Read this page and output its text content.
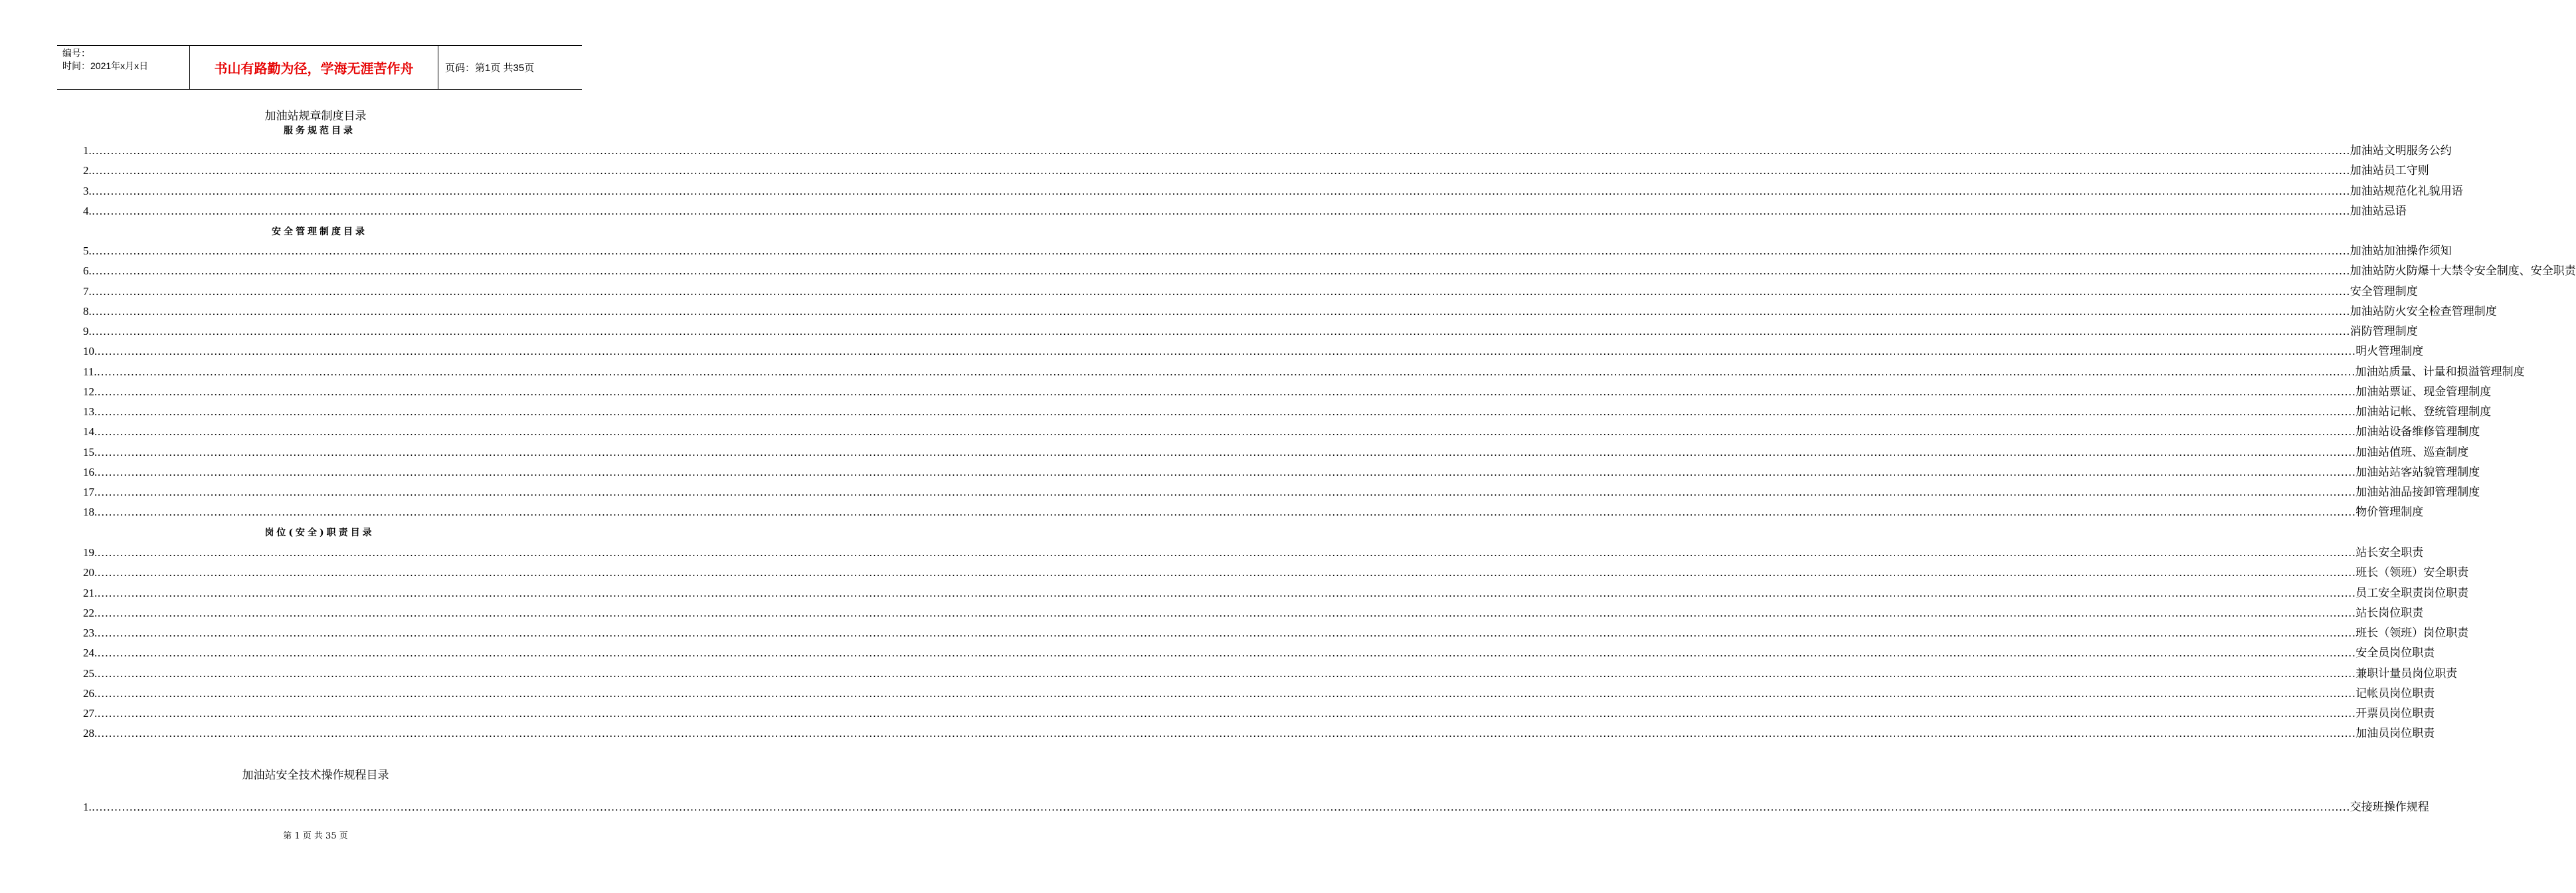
编号：
时间：2021年x月x日	书山有路勤为径，学海无涯苦作舟	页码：第1页 共35页
加油站规章制度目录
服务规范目录
1. …………………………………………………………………………………………………………………………………………………………………………………………………………………………………………………………………………………………………………………………………………………………………………………………………………………………………………………………………………………………………………………………………………………… 加油站文明服务公约
2. …………………………………………………………………………………………………………………………………………………………………………………………………………………………………………………………………………………………………………………………………………………………………………………………………………………………………………………………………………………………………………………………………………………… 加油站员工守则
3. …………………………………………………………………………………………………………………………………………………………………………………………………………………………………………………………………………………………………………………………………………………………………………………………………………………………………………………………………………………………………………………………………………………… 加油站规范化礼貌用语
4. …………………………………………………………………………………………………………………………………………………………………………………………………………………………………………………………………………………………………………………………………………………………………………………………………………………………………………………………………………………………………………………………………………………… 加油站忌语
安全管理制度目录
5. …………………………………………………………………………………………………………………………………………………………………………………………………………………………………………………………………………………………………………………………………………………………………………………………………………………………………………………………………………………………………………………………………………………… 加油站加油操作须知
6. …………………………………………………………………………………………………………………………………………………………………………………………………………………………………………………………………………………………………………………………………………………………………………………………………………………………………………………………………………………………………………………………………………………… 加油站防火防爆十大禁令安全制度、安全职责
7. …………………………………………………………………………………………………………………………………………………………………………………………………………………………………………………………………………………………………………………………………………………………………………………………………………………………………………………………………………………………………………………………………………………… 安全管理制度
8. …………………………………………………………………………………………………………………………………………………………………………………………………………………………………………………………………………………………………………………………………………………………………………………………………………………………………………………………………………………………………………………………………………………… 加油站防火安全检查管理制度
9. …………………………………………………………………………………………………………………………………………………………………………………………………………………………………………………………………………………………………………………………………………………………………………………………………………………………………………………………………………………………………………………………………………………… 消防管理制度
10. …………………………………………………………………………………………………………………………………………………………………………………………………………………………………………………………………………………………………………………………………………………………………………………………………………………………………………………………………………………………………………………………………………………… 明火管理制度
11. …………………………………………………………………………………………………………………………………………………………………………………………………………………………………………………………………………………………………………………………………………………………………………………………………………………………………………………………………………………………………………………………………………………… 加油站质量、计量和损溢管理制度
12. …………………………………………………………………………………………………………………………………………………………………………………………………………………………………………………………………………………………………………………………………………………………………………………………………………………………………………………………………………………………………………………………………………………… 加油站票证、现金管理制度
13. …………………………………………………………………………………………………………………………………………………………………………………………………………………………………………………………………………………………………………………………………………………………………………………………………………………………………………………………………………………………………………………………………………………… 加油站记帐、登统管理制度
14. …………………………………………………………………………………………………………………………………………………………………………………………………………………………………………………………………………………………………………………………………………………………………………………………………………………………………………………………………………………………………………………………………………………… 加油站设备维修管理制度
15. …………………………………………………………………………………………………………………………………………………………………………………………………………………………………………………………………………………………………………………………………………………………………………………………………………………………………………………………………………………………………………………………………………………… 加油站值班、巡查制度
16. …………………………………………………………………………………………………………………………………………………………………………………………………………………………………………………………………………………………………………………………………………………………………………………………………………………………………………………………………………………………………………………………………………………… 加油站站客站貌管理制度
17. …………………………………………………………………………………………………………………………………………………………………………………………………………………………………………………………………………………………………………………………………………………………………………………………………………………………………………………………………………………………………………………………………………………… 加油站油品接卸管理制度
18. …………………………………………………………………………………………………………………………………………………………………………………………………………………………………………………………………………………………………………………………………………………………………………………………………………………………………………………………………………………………………………………………………………………… 物价管理制度
岗位(安全)职责目录
19. …………………………………………………………………………………………………………………………………………………………………………………………………………………………………………………………………………………………………………………………………………………………………………………………………………………………………………………………………………………………………………………………………………………… 站长安全职责
20. …………………………………………………………………………………………………………………………………………………………………………………………………………………………………………………………………………………………………………………………………………………………………………………………………………………………………………………………………………………………………………………………………………………… 班长（领班）安全职责
21. …………………………………………………………………………………………………………………………………………………………………………………………………………………………………………………………………………………………………………………………………………………………………………………………………………………………………………………………………………………………………………………………………………………… 员工安全职责岗位职责
22. …………………………………………………………………………………………………………………………………………………………………………………………………………………………………………………………………………………………………………………………………………………………………………………………………………………………………………………………………………………………………………………………………………………… 站长岗位职责
23. …………………………………………………………………………………………………………………………………………………………………………………………………………………………………………………………………………………………………………………………………………………………………………………………………………………………………………………………………………………………………………………………………………………… 班长（领班）岗位职责
24. …………………………………………………………………………………………………………………………………………………………………………………………………………………………………………………………………………………………………………………………………………………………………………………………………………………………………………………………………………………………………………………………………………………… 安全员岗位职责
25. …………………………………………………………………………………………………………………………………………………………………………………………………………………………………………………………………………………………………………………………………………………………………………………………………………………………………………………………………………………………………………………………………………………… 兼职计量员岗位职责
26. …………………………………………………………………………………………………………………………………………………………………………………………………………………………………………………………………………………………………………………………………………………………………………………………………………………………………………………………………………………………………………………………………………………… 记帐员岗位职责
27. …………………………………………………………………………………………………………………………………………………………………………………………………………………………………………………………………………………………………………………………………………………………………………………………………………………………………………………………………………………………………………………………………………………… 开票员岗位职责
28. …………………………………………………………………………………………………………………………………………………………………………………………………………………………………………………………………………………………………………………………………………………………………………………………………………………………………………………………………………………………………………………………………………………… 加油员岗位职责
1. …………………………………………………………………………………………………………………………………………………………………………………………………………………………………………………………………………………………………………………………………………………………………………………………………………………………………………………………………………………………………………………………………………………… 交接班操作规程
加油站安全技术操作规程目录
第 1 页 共 35 页
